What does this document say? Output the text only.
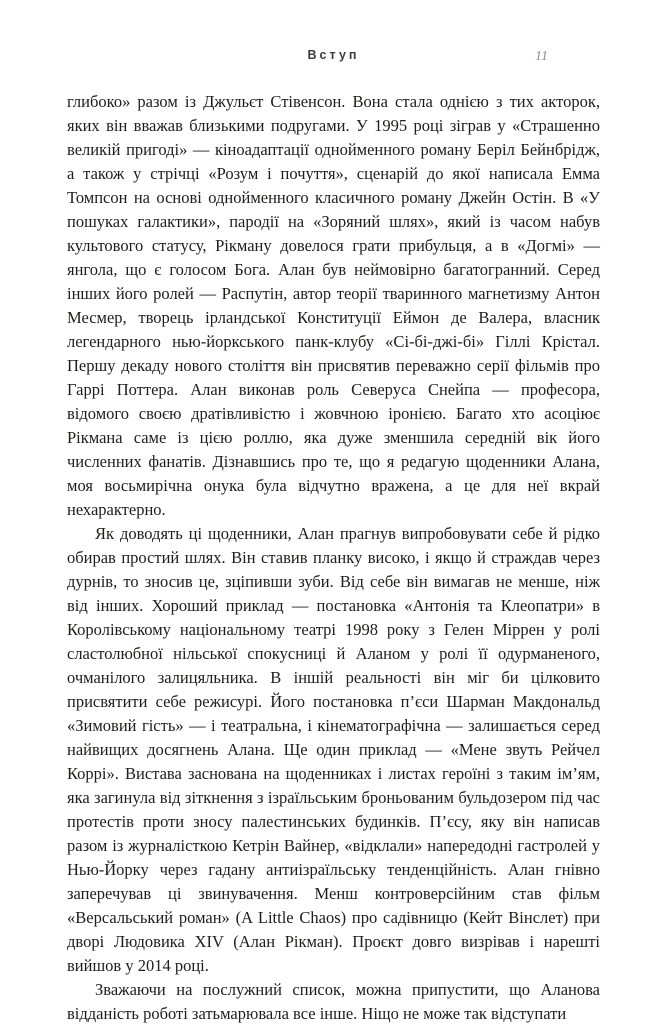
Вступ	11

глибоко» разом із Джульєт Стівенсон. Вона стала однією з тих акторок, яких він вважав близькими подругами. У 1995 році зіграв у «Страшенно великій пригоді» — кіноадаптації однойменного роману Беріл Бейнбрідж, а також у стрічці «Розум і почуття», сценарій до якої написала Емма Томпсон на основі однойменного класичного роману Джейн Остін. В «У пошуках галактики», пародії на «Зоряний шлях», який із часом набув культового статусу, Рікману довелося грати прибульця, а в «Догмі» — янгола, що є голосом Бога. Алан був неймовірно багатогранний. Серед інших його ролей — Распутін, автор теорії тваринного магнетизму Антон Месмер, творець ірландської Конституції Еймон де Валера, власник легендарного нью-йоркського панк-клубу «Сі-бі-джі-бі» Гіллі Крістал. Першу декаду нового століття він присвятив переважно серії фільмів про Гаррі Поттера. Алан виконав роль Северуса Снейпа — професора, відомого своєю дратівливістю і жовчною іронією. Багато хто асоціює Рікмана саме із цією роллю, яка дуже зменшила середній вік його численних фанатів. Дізнавшись про те, що я редагую щоденники Алана, моя восьмирічна онука була відчутно вражена, а це для неї вкрай нехарактерно.

Як доводять ці щоденники, Алан прагнув випробовувати себе й рідко обирав простий шлях. Він ставив планку високо, і якщо й страждав через дурнів, то зносив це, зціпивши зуби. Від себе він вимагав не менше, ніж від інших. Хороший приклад — постановка «Антонія та Клеопатри» в Королівському національному театрі 1998 року з Гелен Міррен у ролі сластолюбної нільської спокусниці й Аланом у ролі її одурманеного, очманілого залицяльника. В іншій реальності він міг би цілковито присвятити себе режисурі. Його постановка п’єси Шарман Макдональд «Зимовий гість» — і театральна, і кінематографічна — залишається серед найвищих досягнень Алана. Ще один приклад — «Мене звуть Рейчел Коррі». Вистава заснована на щоденниках і листах героїні з таким ім’ям, яка загинула від зіткнення з ізраїльським броньованим бульдозером під час протестів проти зносу палестинських будинків. П’єсу, яку він написав разом із журналісткою Кетрін Вайнер, «відклали» напередодні гастролей у Нью-Йорку через гадану антиізраїльську тенденційність. Алан гнівно заперечував ці звинувачення. Менш контроверсійним став фільм «Версальський роман» (A Little Chaos) про садівницю (Кейт Вінслет) при дворі Людовика XIV (Алан Рікман). Проєкт довго визрівав і нарешті вийшов у 2014 році.

Зважаючи на послужний список, можна припустити, що Аланова відданість роботі затьмарювала все інше. Ніщо не може так відступати
